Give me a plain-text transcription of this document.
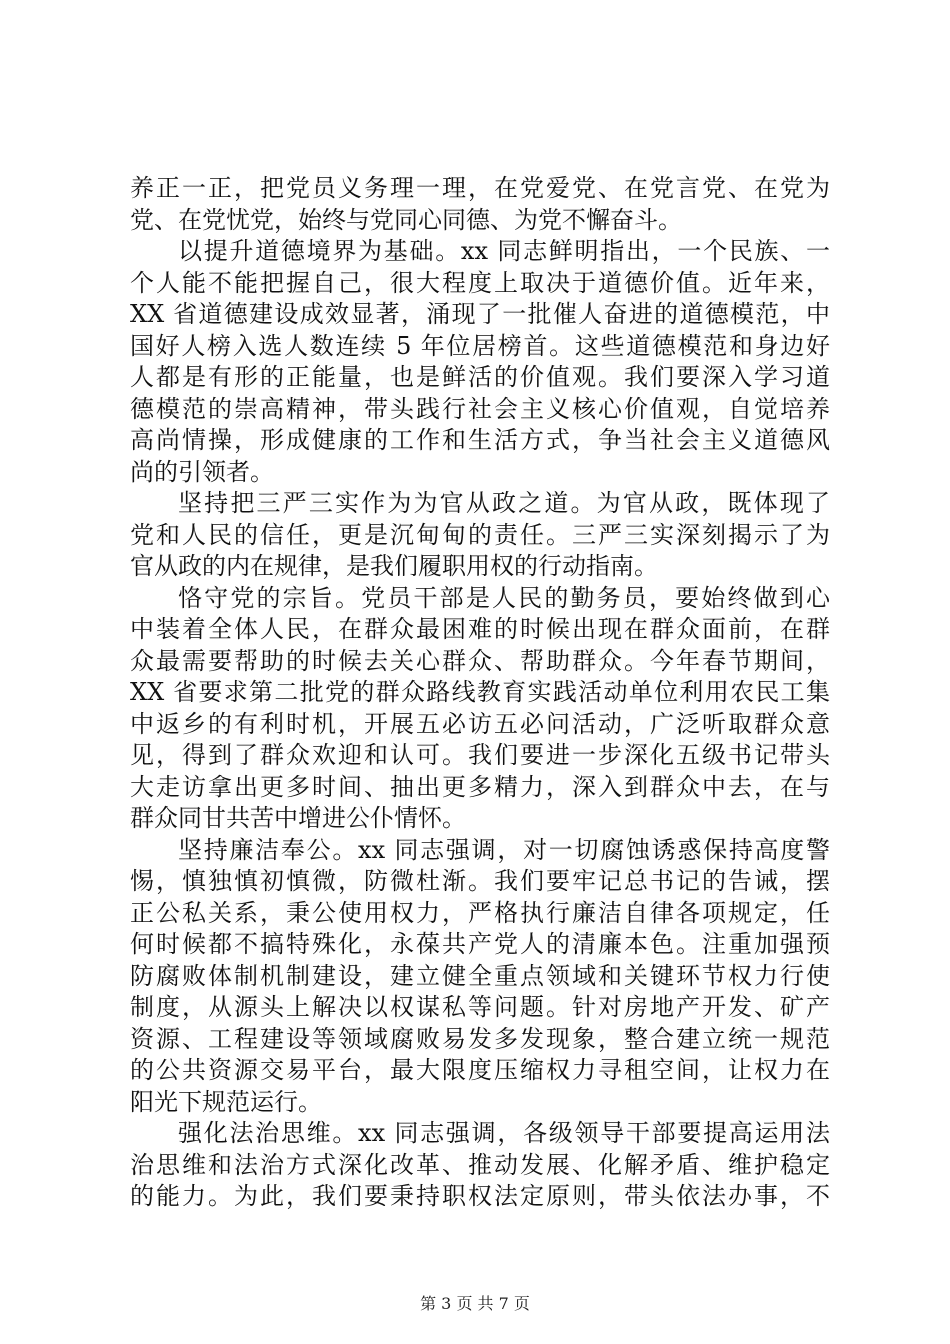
养正一正，把党员义务理一理，在党爱党、在党言党、在党为
党、在党忧党，始终与党同心同德、为党不懈奋斗。
以提升道德境界为基础。xx 同志鲜明指出，一个民族、一
个人能不能把握自己，很大程度上取决于道德价值。近年来，
XX 省道德建设成效显著，涌现了一批催人奋进的道德模范，中
国好人榜入选人数连续 5 年位居榜首。这些道德模范和身边好
人都是有形的正能量，也是鲜活的价值观。我们要深入学习道
德模范的崇高精神，带头践行社会主义核心价值观，自觉培养
高尚情操，形成健康的工作和生活方式，争当社会主义道德风
尚的引领者。
坚持把三严三实作为为官从政之道。为官从政，既体现了
党和人民的信任，更是沉甸甸的责任。三严三实深刻揭示了为
官从政的内在规律，是我们履职用权的行动指南。
恪守党的宗旨。党员干部是人民的勤务员，要始终做到心
中装着全体人民，在群众最困难的时候出现在群众面前，在群
众最需要帮助的时候去关心群众、帮助群众。今年春节期间，
XX 省要求第二批党的群众路线教育实践活动单位利用农民工集
中返乡的有利时机，开展五必访五必问活动，广泛听取群众意
见，得到了群众欢迎和认可。我们要进一步深化五级书记带头
大走访拿出更多时间、抽出更多精力，深入到群众中去，在与
群众同甘共苦中增进公仆情怀。
坚持廉洁奉公。xx 同志强调，对一切腐蚀诱惑保持高度警
惕，慎独慎初慎微，防微杜渐。我们要牢记总书记的告诫，摆
正公私关系，秉公使用权力，严格执行廉洁自律各项规定，任
何时候都不搞特殊化，永葆共产党人的清廉本色。注重加强预
防腐败体制机制建设，建立健全重点领域和关键环节权力行使
制度，从源头上解决以权谋私等问题。针对房地产开发、矿产
资源、工程建设等领域腐败易发多发现象，整合建立统一规范
的公共资源交易平台，最大限度压缩权力寻租空间，让权力在
阳光下规范运行。
强化法治思维。xx 同志强调，各级领导干部要提高运用法
治思维和法治方式深化改革、推动发展、化解矛盾、维护稳定
的能力。为此，我们要秉持职权法定原则，带头依法办事，不
第 3 页 共 7 页
